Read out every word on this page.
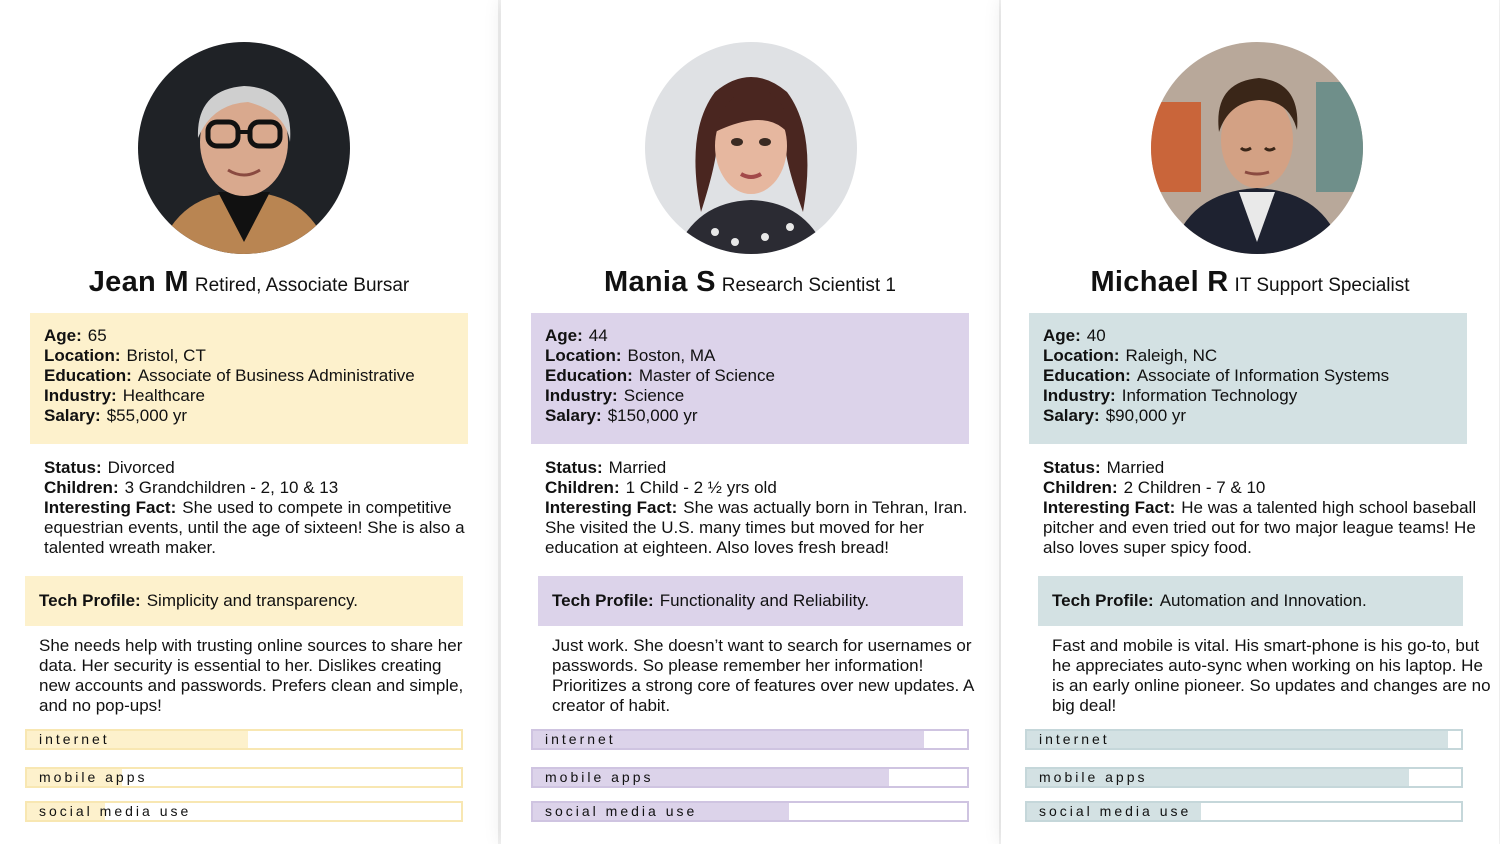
Jean M Retired, Associate Bursar
Age: 65
Location: Bristol, CT
Education: Associate of Business Administrative
Industry: Healthcare
Salary: $55,000 yr
Status: Divorced
Children: 3 Grandchildren - 2, 10 & 13
Interesting Fact: She used to compete in competitive equestrian events, until the age of sixteen! She is also a talented wreath maker.
Tech Profile: Simplicity and transparency.
She needs help with trusting online sources to share her data. Her security is essential to her. Dislikes creating new accounts and passwords. Prefers clean and simple, and no pop-ups!
internet
mobile apps
social media use
Mania S Research Scientist 1
Age: 44
Location: Boston, MA
Education: Master of Science
Industry: Science
Salary: $150,000 yr
Status: Married
Children: 1 Child - 2 ½ yrs old
Interesting Fact: She was actually born in Tehran, Iran. She visited the U.S. many times but moved for her education at eighteen. Also loves fresh bread!
Tech Profile: Functionality and Reliability.
Just work. She doesn’t want to search for usernames or passwords. So please remember her information! Prioritizes a strong core of features over new updates. A creator of habit.
internet
mobile apps
social media use
Michael R IT Support Specialist
Age: 40
Location: Raleigh, NC
Education: Associate of Information Systems
Industry: Information Technology
Salary: $90,000 yr
Status: Married
Children: 2 Children - 7 & 10
Interesting Fact: He was a talented high school baseball pitcher and even tried out for two major league teams! He also loves super spicy food.
Tech Profile: Automation and Innovation.
Fast and mobile is vital. His smart-phone is his go-to, but he appreciates auto-sync when working on his laptop. He is an early online pioneer. So updates and changes are no big deal!
internet
mobile apps
social media use
